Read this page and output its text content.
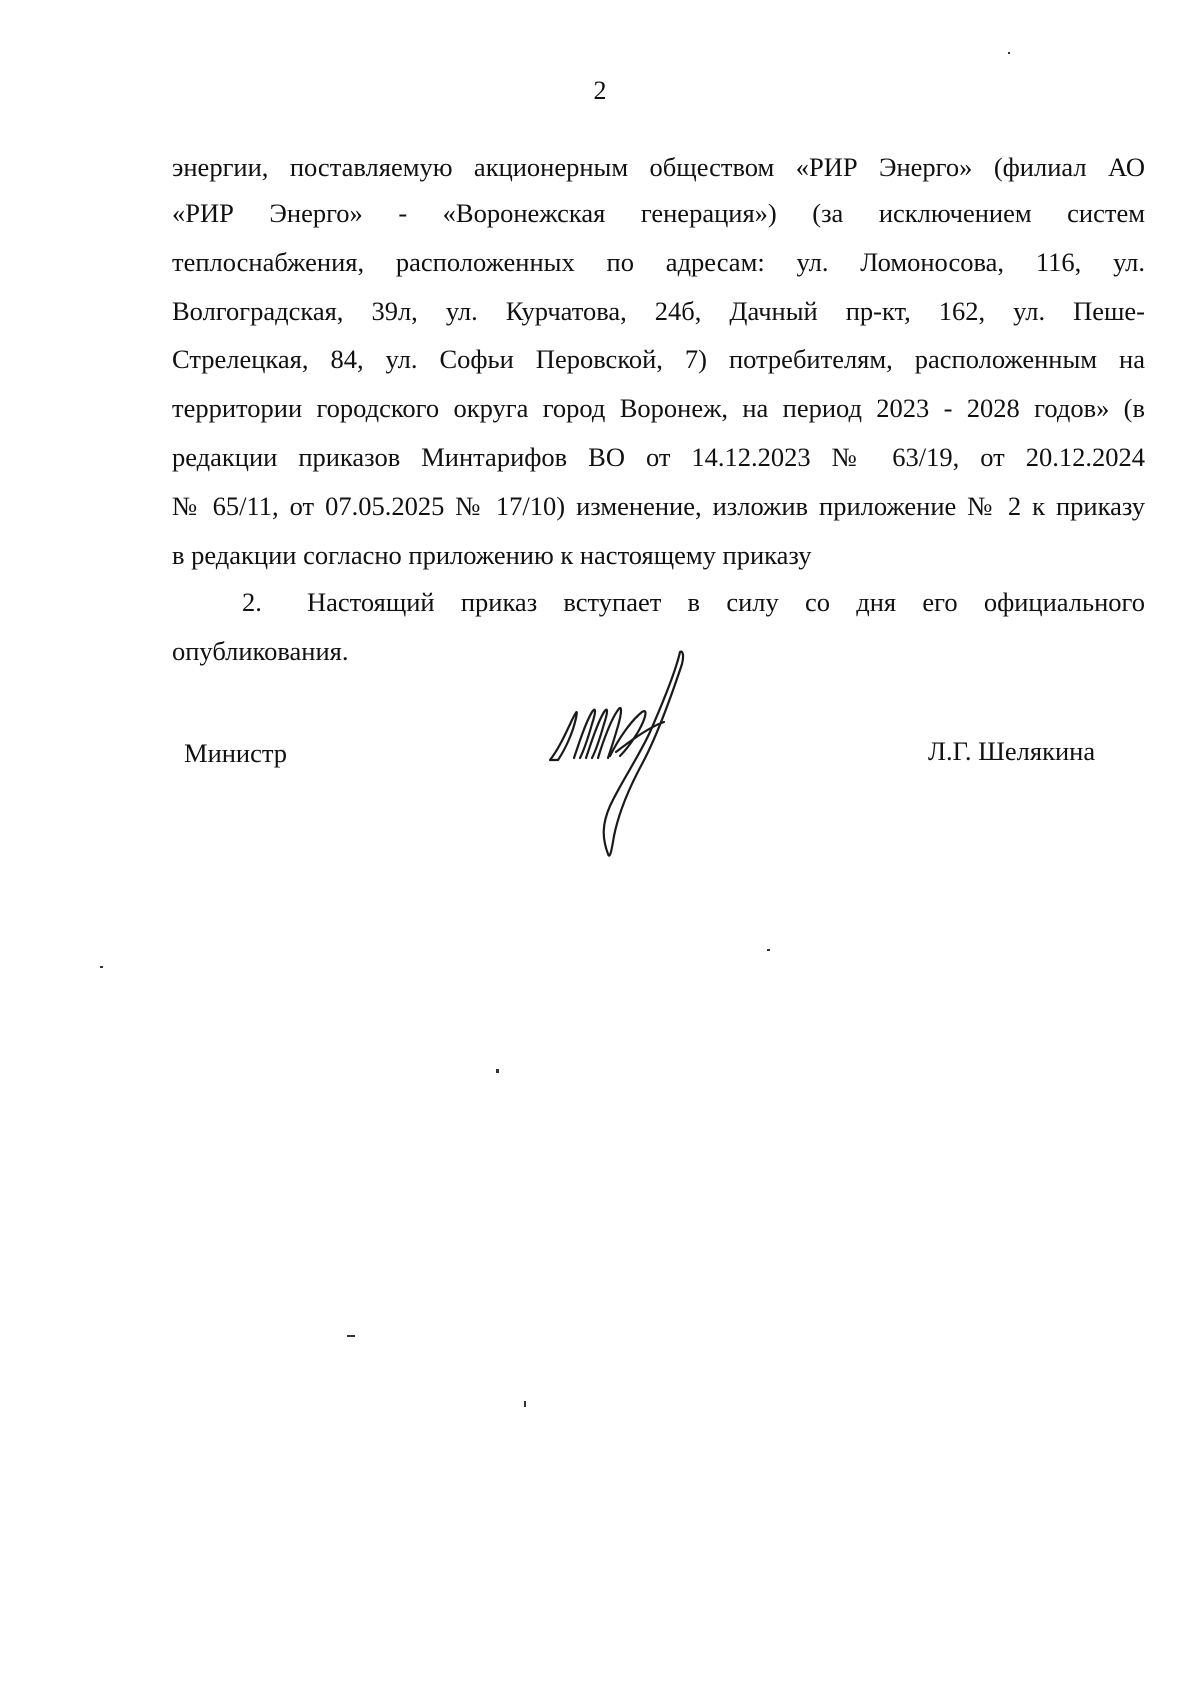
2
энергии, поставляемую акционерным обществом «РИР Энерго» (филиал АО
«РИР Энерго» - «Воронежская генерация») (за исключением систем
теплоснабжения, расположенных по адресам: ул. Ломоносова, 116, ул.
Волгоградская, 39л, ул. Курчатова, 24б, Дачный пр-кт, 162, ул. Пеше-
Стрелецкая, 84, ул. Софьи Перовской, 7) потребителям, расположенным на
территории городского округа город Воронеж, на период 2023 - 2028 годов» (в
редакции приказов Минтарифов ВО от 14.12.2023 № 63/19, от 20.12.2024
№ 65/11, от 07.05.2025 № 17/10) изменение, изложив приложение № 2 к приказу
в редакции согласно приложению к настоящему приказу
2. Настоящий приказ вступает в силу со дня его официального
опубликования.
Министр	Л.Г. Шелякина
